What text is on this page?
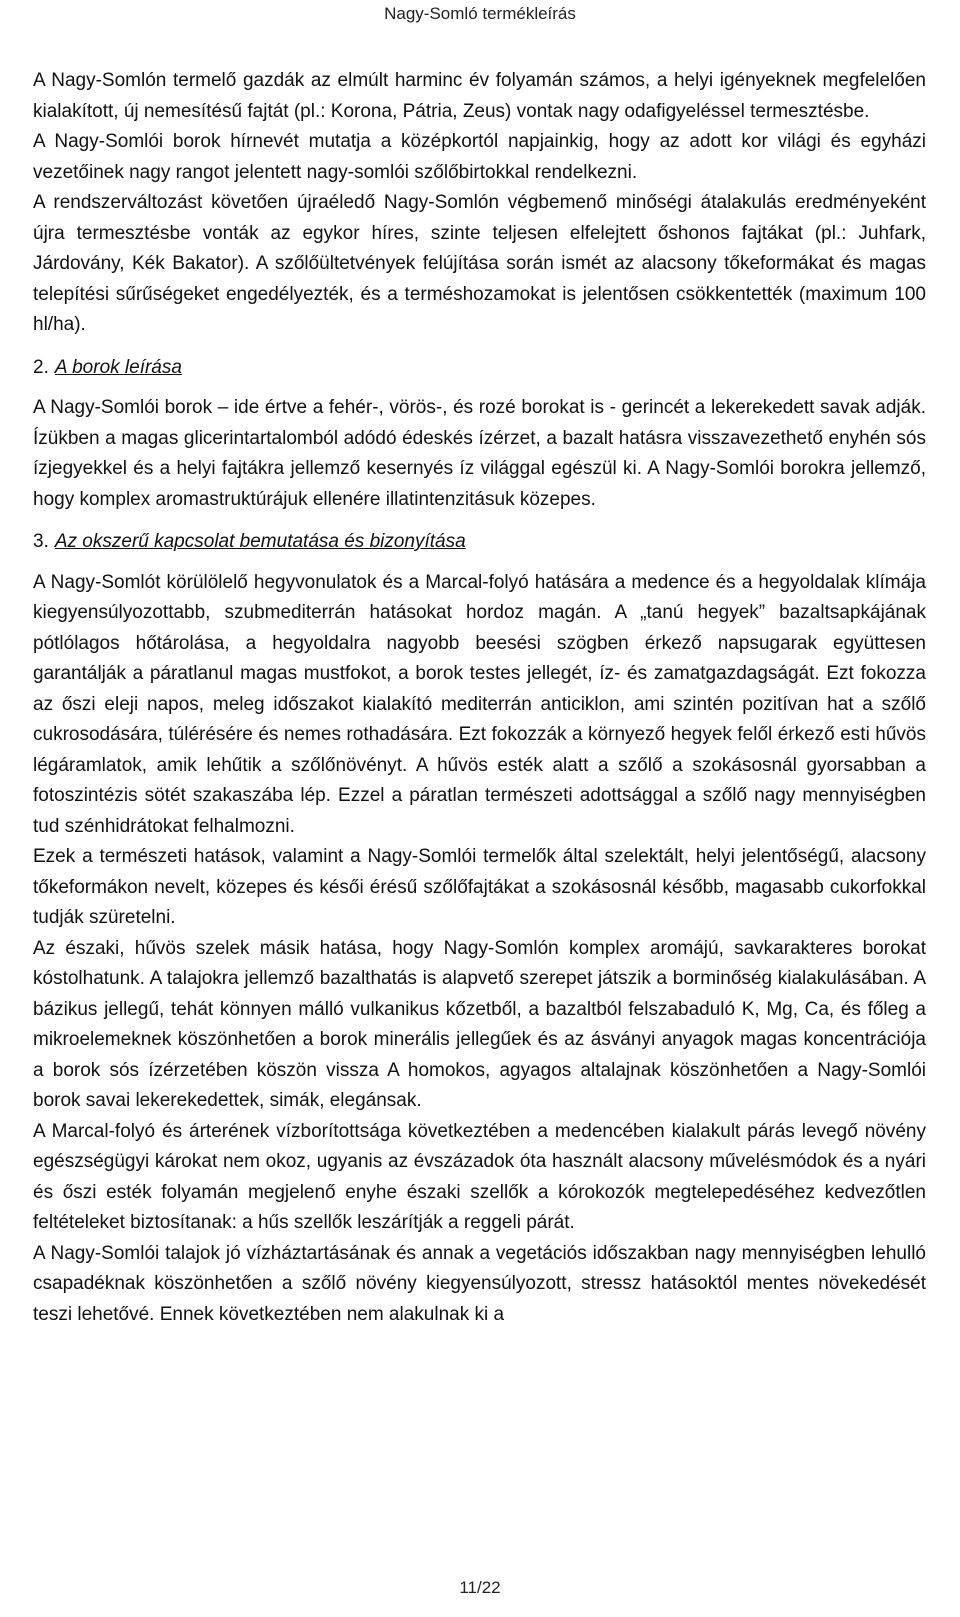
Nagy-Somló termékleírás

A Nagy-Somlón termelő gazdák az elmúlt harminc év folyamán számos, a helyi igényeknek megfelelően kialakított, új nemesítésű fajtát (pl.: Korona, Pátria, Zeus) vontak nagy odafigyeléssel termesztésbe.

A Nagy-Somlói borok hírnevét mutatja a középkortól napjainkig, hogy az adott kor világi és egyházi vezetőinek nagy rangot jelentett nagy-somlói szőlőbirtokkal rendelkezni.

A rendszerváltozást követően újraéledő Nagy-Somlón végbemenő minőségi átalakulás eredményeként újra termesztésbe vonták az egykor híres, szinte teljesen elfelejtett őshonos fajtákat (pl.: Juhfark, Járdovány, Kék Bakator). A szőlőültetvények felújítása során ismét az alacsony tőkeformákat és magas telepítési sűrűségeket engedélyezték, és a terméshozamokat is jelentősen csökkentették (maximum 100 hl/ha).

2. A borok leírása

A Nagy-Somlói borok – ide értve a fehér-, vörös-, és rozé borokat is - gerincét a lekerekedett savak adják. Ízükben a magas glicerintartalomból adódó édeskés ízérzet, a bazalt hatásra visszavezethető enyhén sós ízjegyekkel és a helyi fajtákra jellemző kesernyés íz világgal egészül ki. A Nagy-Somlói borokra jellemző, hogy komplex aromastruktúrájuk ellenére illatintenzitásuk közepes.

3. Az okszerű kapcsolat bemutatása és bizonyítása

A Nagy-Somlót körülölelő hegyvonulatok és a Marcal-folyó hatására a medence és a hegyoldalak klímája kiegyensúlyozottabb, szubmediterrán hatásokat hordoz magán. A „tanú hegyek” bazaltsapkájának pótlólagos hőtárolása, a hegyoldalra nagyobb beesési szögben érkező napsugarak együttesen garantálják a páratlanul magas mustfokot, a borok testes jellegét, íz- és zamatgazdagságát. Ezt fokozza az őszi eleji napos, meleg időszakot kialakító mediterrán anticiklon, ami szintén pozitívan hat a szőlő cukrosodására, túlérésére és nemes rothadására. Ezt fokozzák a környező hegyek felől érkező esti hűvös légáramlatok, amik lehűtik a szőlőnövényt. A hűvös esték alatt a szőlő a szokásosnál gyorsabban a fotoszintézis sötét szakaszába lép. Ezzel a páratlan természeti adottsággal a szőlő nagy mennyiségben tud szénhidrátokat felhalmozni.

Ezek a természeti hatások, valamint a Nagy-Somlói termelők által szelektált, helyi jelentőségű, alacsony tőkeformákon nevelt, közepes és késői érésű szőlőfajtákat a szokásosnál később, magasabb cukorfokkal tudják szüretelni.

Az északi, hűvös szelek másik hatása, hogy Nagy-Somlón komplex aromájú, savkarakteres borokat kóstolhatunk. A talajokra jellemző bazalthatás is alapvető szerepet játszik a borminőség kialakulásában. A bázikus jellegű, tehát könnyen málló vulkanikus kőzetből, a bazaltból felszabaduló K, Mg, Ca, és főleg a mikroelemeknek köszönhetően a borok minerális jellegűek és az ásványi anyagok magas koncentrációja a borok sós ízérzetében köszön vissza A homokos, agyagos altalajnak köszönhetően a Nagy-Somlói borok savai lekerekedettek, simák, elegánsak.

A Marcal-folyó és árterének vízborítottsága következtében a medencében kialakult párás levegő növény egészségügyi károkat nem okoz, ugyanis az évszázadok óta használt alacsony művelésmódok és a nyári és őszi esték folyamán megjelenő enyhe északi szellők a kórokozók megtelepedéséhez kedvezőtlen feltételeket biztosítanak: a hűs szellők leszárítják a reggeli párát.

A Nagy-Somlói talajok jó vízháztartásának és annak a vegetációs időszakban nagy mennyiségben lehulló csapadéknak köszönhetően a szőlő növény kiegyensúlyozott, stressz hatásoktól mentes növekedését teszi lehetővé. Ennek következtében nem alakulnak ki a

11/22
